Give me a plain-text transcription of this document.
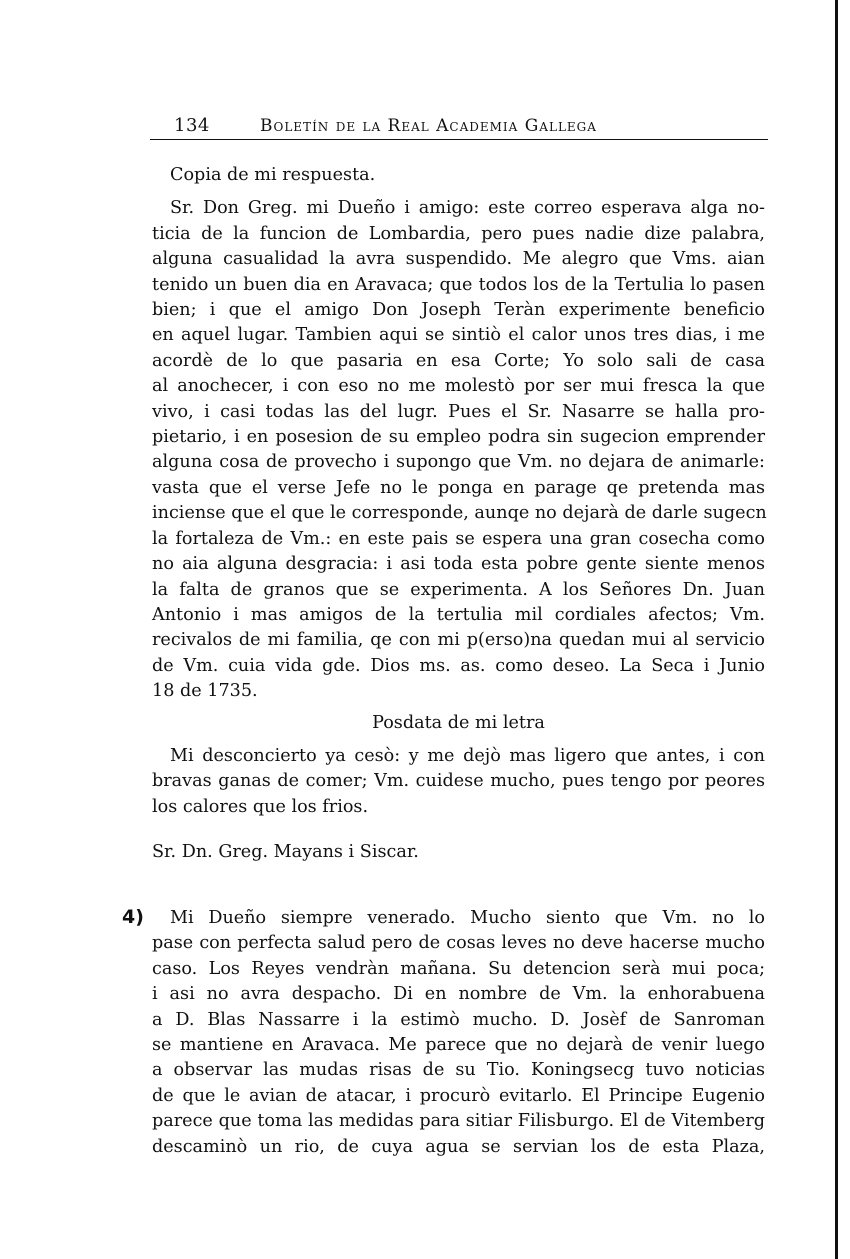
134	Boletín de la Real Academia Gallega
Copia de mi respuesta.
Sr. Don Greg. mi Dueño i amigo: este correo esperava alga no-
ticia de la funcion de Lombardia, pero pues nadie dize palabra,
alguna casualidad la avra suspendido. Me alegro que Vms. aian
tenido un buen dia en Aravaca; que todos los de la Tertulia lo pasen
bien; i que el amigo Don Joseph Teràn experimente beneficio
en aquel lugar. Tambien aqui se sintiò el calor unos tres dias, i me
acordè de lo que pasaria en esa Corte; Yo solo sali de casa
al anochecer, i con eso no me molestò por ser mui fresca la que
vivo, i casi todas las del lugr. Pues el Sr. Nasarre se halla pro-
pietario, i en posesion de su empleo podra sin sugecion emprender
alguna cosa de provecho i supongo que Vm. no dejara de animarle:
vasta que el verse Jefe no le ponga en parage qe pretenda mas
inciense que el que le corresponde, aunqe no dejarà de darle sugecn
la fortaleza de Vm.: en este pais se espera una gran cosecha como
no aia alguna desgracia: i asi toda esta pobre gente siente menos
la falta de granos que se experimenta. A los Señores Dn. Juan
Antonio i mas amigos de la tertulia mil cordiales afectos; Vm.
recivalos de mi familia, qe con mi p(erso)na quedan mui al servicio
de Vm. cuia vida gde. Dios ms. as. como deseo. La Seca i Junio
18 de 1735.
Posdata de mi letra
Mi desconcierto ya cesò: y me dejò mas ligero que antes, i con
bravas ganas de comer; Vm. cuidese mucho, pues tengo por peores
los calores que los frios.
Sr. Dn. Greg. Mayans i Siscar.
4)	Mi Dueño siempre venerado. Mucho siento que Vm. no lo
pase con perfecta salud pero de cosas leves no deve hacerse mucho
caso. Los Reyes vendràn mañana. Su detencion serà mui poca;
i asi no avra despacho. Di en nombre de Vm. la enhorabuena
a D. Blas Nassarre i la estimò mucho. D. Josèf de Sanroman
se mantiene en Aravaca. Me parece que no dejarà de venir luego
a observar las mudas risas de su Tio. Koningsecg tuvo noticias
de que le avian de atacar, i procurò evitarlo. El Principe Eugenio
parece que toma las medidas para sitiar Filisburgo. El de Vitemberg
descaminò un rio, de cuya agua se servian los de esta Plaza,
